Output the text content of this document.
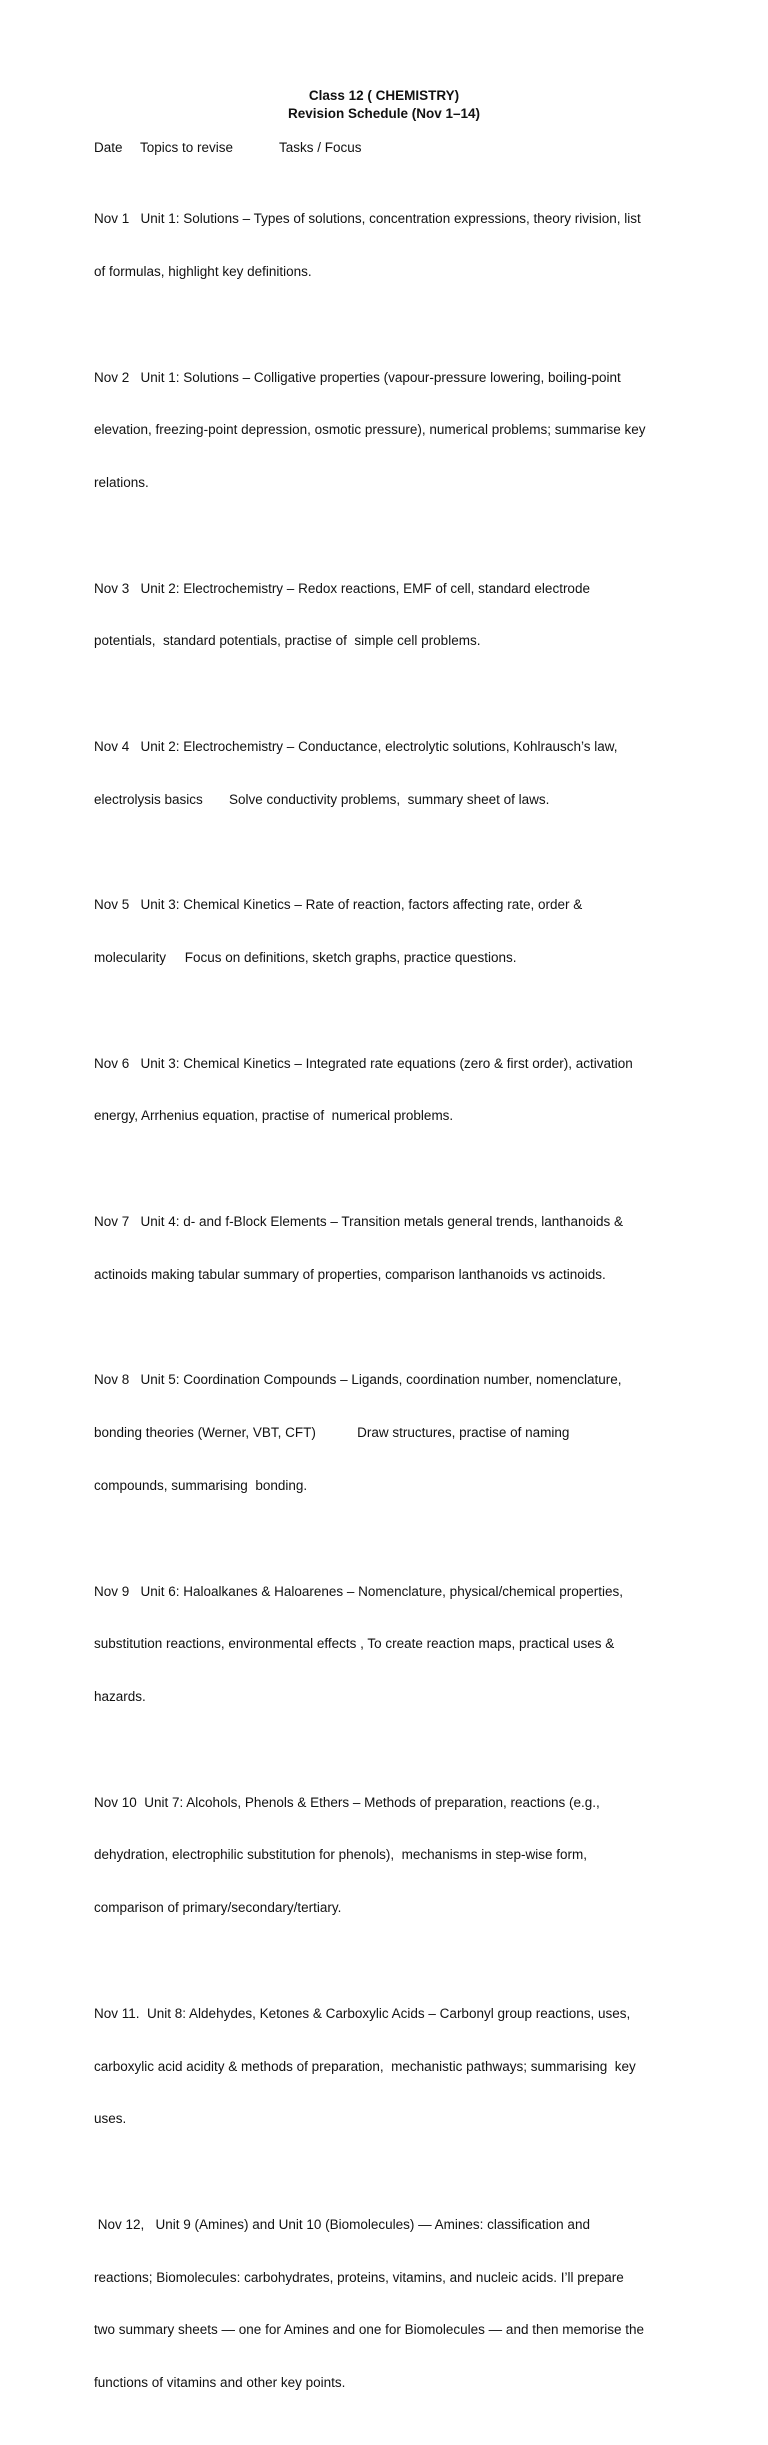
Class 12 ( CHEMISTRY)
Revision Schedule (Nov 1–14)
Date Topics to revise	Tasks / Focus

Nov 1   Unit 1: Solutions – Types of solutions, concentration expressions, theory rivision, list

of formulas, highlight key definitions.

Nov 2   Unit 1: Solutions – Colligative properties (vapour-pressure lowering, boiling-point

elevation, freezing-point depression, osmotic pressure), numerical problems; summarise key

relations.

Nov 3   Unit 2: Electrochemistry – Redox reactions, EMF of cell, standard electrode

potentials,  standard potentials, practise of  simple cell problems.

Nov 4   Unit 2: Electrochemistry – Conductance, electrolytic solutions, Kohlrausch’s law,

electrolysis basics       Solve conductivity problems,  summary sheet of laws.

Nov 5   Unit 3: Chemical Kinetics – Rate of reaction, factors affecting rate, order &

molecularity     Focus on definitions, sketch graphs, practice questions.

Nov 6   Unit 3: Chemical Kinetics – Integrated rate equations (zero & first order), activation

energy, Arrhenius equation, practise of  numerical problems.

Nov 7   Unit 4: d- and f-Block Elements – Transition metals general trends, lanthanoids &

actinoids making tabular summary of properties, comparison lanthanoids vs actinoids.

Nov 8   Unit 5: Coordination Compounds – Ligands, coordination number, nomenclature,

bonding theories (Werner, VBT, CFT)           Draw structures, practise of naming

compounds, summarising  bonding.

Nov 9   Unit 6: Haloalkanes & Haloarenes – Nomenclature, physical/chemical properties,

substitution reactions, environmental effects , To create reaction maps, practical uses &

hazards.

Nov 10  Unit 7: Alcohols, Phenols & Ethers – Methods of preparation, reactions (e.g.,

dehydration, electrophilic substitution for phenols),  mechanisms in step-wise form,

comparison of primary/secondary/tertiary.

Nov 11.  Unit 8: Aldehydes, Ketones & Carboxylic Acids – Carbonyl group reactions, uses,

carboxylic acid acidity & methods of preparation,  mechanistic pathways; summarising  key

uses.

Nov 12,   Unit 9 (Amines) and Unit 10 (Biomolecules) — Amines: classification and

reactions; Biomolecules: carbohydrates, proteins, vitamins, and nucleic acids. I’ll prepare

two summary sheets — one for Amines and one for Biomolecules — and then memorise the

functions of vitamins and other key points.
